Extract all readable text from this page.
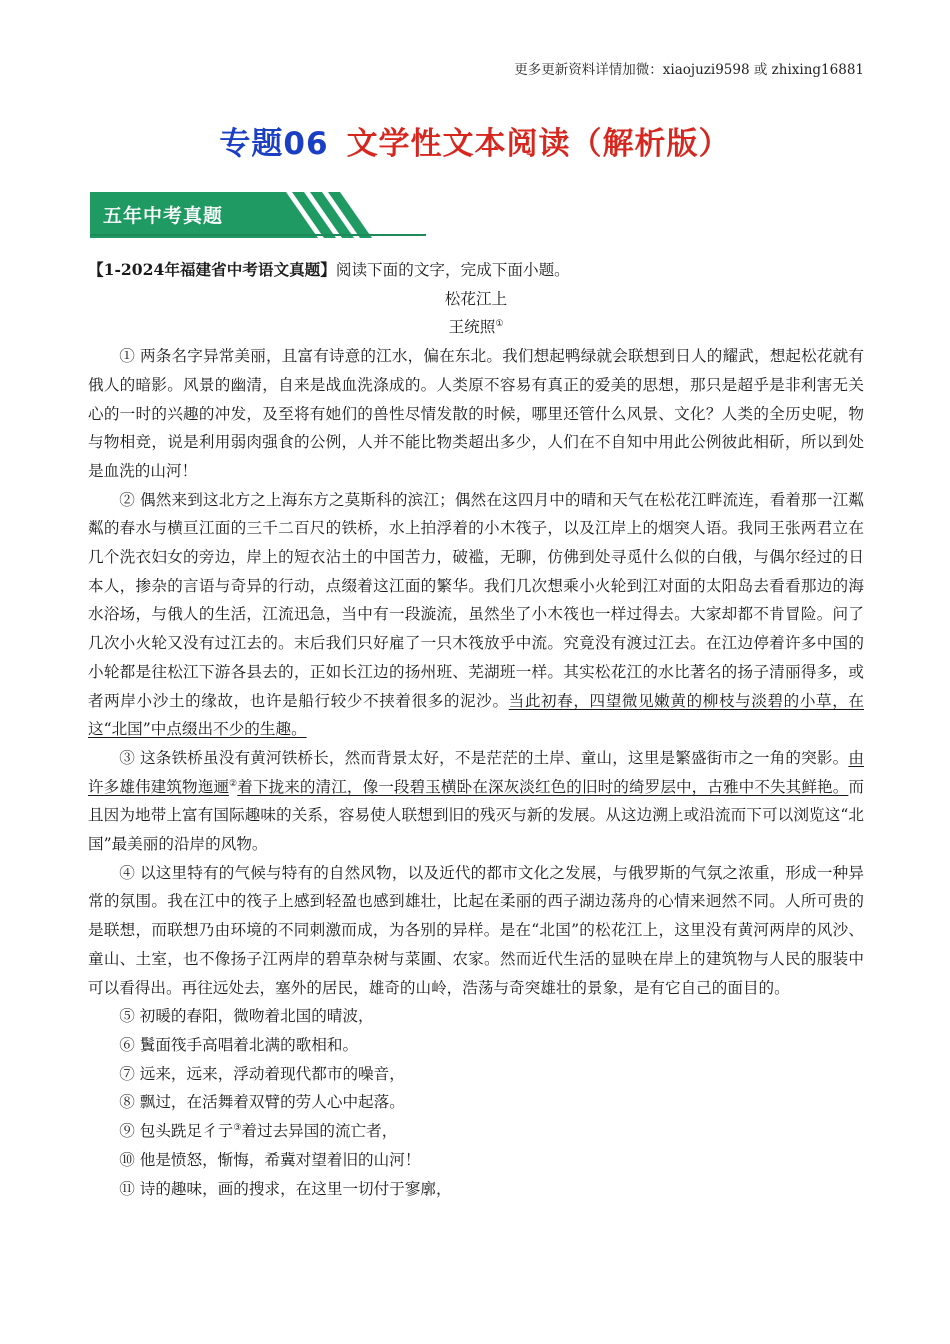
更多更新资料详情加微：xiaojuzi9598 或 zhixing16881
专题06 文学性文本阅读（解析版）
五年中考真题

【1-2024年福建省中考语文真题】阅读下面的文字，完成下面小题。

松花江上

王统照①

① 两条名字异常美丽，且富有诗意的江水，偏在东北。我们想起鸭绿就会联想到日人的耀武，想起松花就有俄人的暗影。风景的幽清，自来是战血洗涤成的。人类原不容易有真正的爱美的思想，那只是超乎是非利害无关心的一时的兴趣的冲发，及至将有她们的兽性尽情发散的时候，哪里还管什么风景、文化？人类的全历史呢，物与物相竞，说是利用弱肉强食的公例，人并不能比物类超出多少，人们在不自知中用此公例彼此相斫，所以到处是血洗的山河！

② 偶然来到这北方之上海东方之莫斯科的滨江；偶然在这四月中的晴和天气在松花江畔流连，看着那一江粼粼的春水与横亘江面的三千二百尺的铁桥，水上拍浮着的小木筏子，以及江岸上的烟突人语。我同王张两君立在几个洗衣妇女的旁边，岸上的短衣沾土的中国苦力，破褴，无聊，仿佛到处寻觅什么似的白俄，与偶尔经过的日本人，掺杂的言语与奇异的行动，点缀着这江面的繁华。我们几次想乘小火轮到江对面的太阳岛去看看那边的海水浴场，与俄人的生活，江流迅急，当中有一段漩流，虽然坐了小木筏也一样过得去。大家却都不肯冒险。问了几次小火轮又没有过江去的。末后我们只好雇了一只木筏放乎中流。究竟没有渡过江去。在江边停着许多中国的小轮都是往松江下游各县去的，正如长江边的扬州班、芜湖班一样。其实松花江的水比著名的扬子清丽得多，或者两岸小沙土的缘故，也许是船行较少不挟着很多的泥沙。当此初春，四望微见嫩黄的柳枝与淡碧的小草，在这“北国”中点缀出不少的生趣。

③ 这条铁桥虽没有黄河铁桥长，然而背景太好，不是茫茫的土岸、童山，这里是繁盛街市之一角的突影。由许多雄伟建筑物迤逦②着下拢来的清江，像一段碧玉横卧在深灰淡红色的旧时的绮罗层中，古雅中不失其鲜艳。而且因为地带上富有国际趣味的关系，容易使人联想到旧的残灭与新的发展。从这边溯上或沿流而下可以浏览这“北国”最美丽的沿岸的风物。

④ 以这里特有的气候与特有的自然风物，以及近代的都市文化之发展，与俄罗斯的气氛之浓重，形成一种异常的氛围。我在江中的筏子上感到轻盈也感到雄壮，比起在柔丽的西子湖边荡舟的心情来迥然不同。人所可贵的是联想，而联想乃由环境的不同刺激而成，为各别的异样。是在“北国”的松花江上，这里没有黄河两岸的风沙、童山、土室，也不像扬子江两岸的碧草杂树与菜圃、农家。然而近代生活的显映在岸上的建筑物与人民的服装中可以看得出。再往远处去，塞外的居民，雄奇的山岭，浩荡与奇突雄壮的景象，是有它自己的面目的。

⑤ 初暖的春阳，微吻着北国的晴波，

⑥ 鬒面筏手高唱着北满的歌相和。

⑦ 远来，远来，浮动着现代都市的噪音，

⑧ 飘过，在活舞着双臂的劳人心中起落。

⑨ 包头跣足彳亍③着过去异国的流亡者，

⑩ 他是愤怒，惭悔，希冀对望着旧的山河！

⑪ 诗的趣味，画的搜求，在这里一切付于寥廓，
